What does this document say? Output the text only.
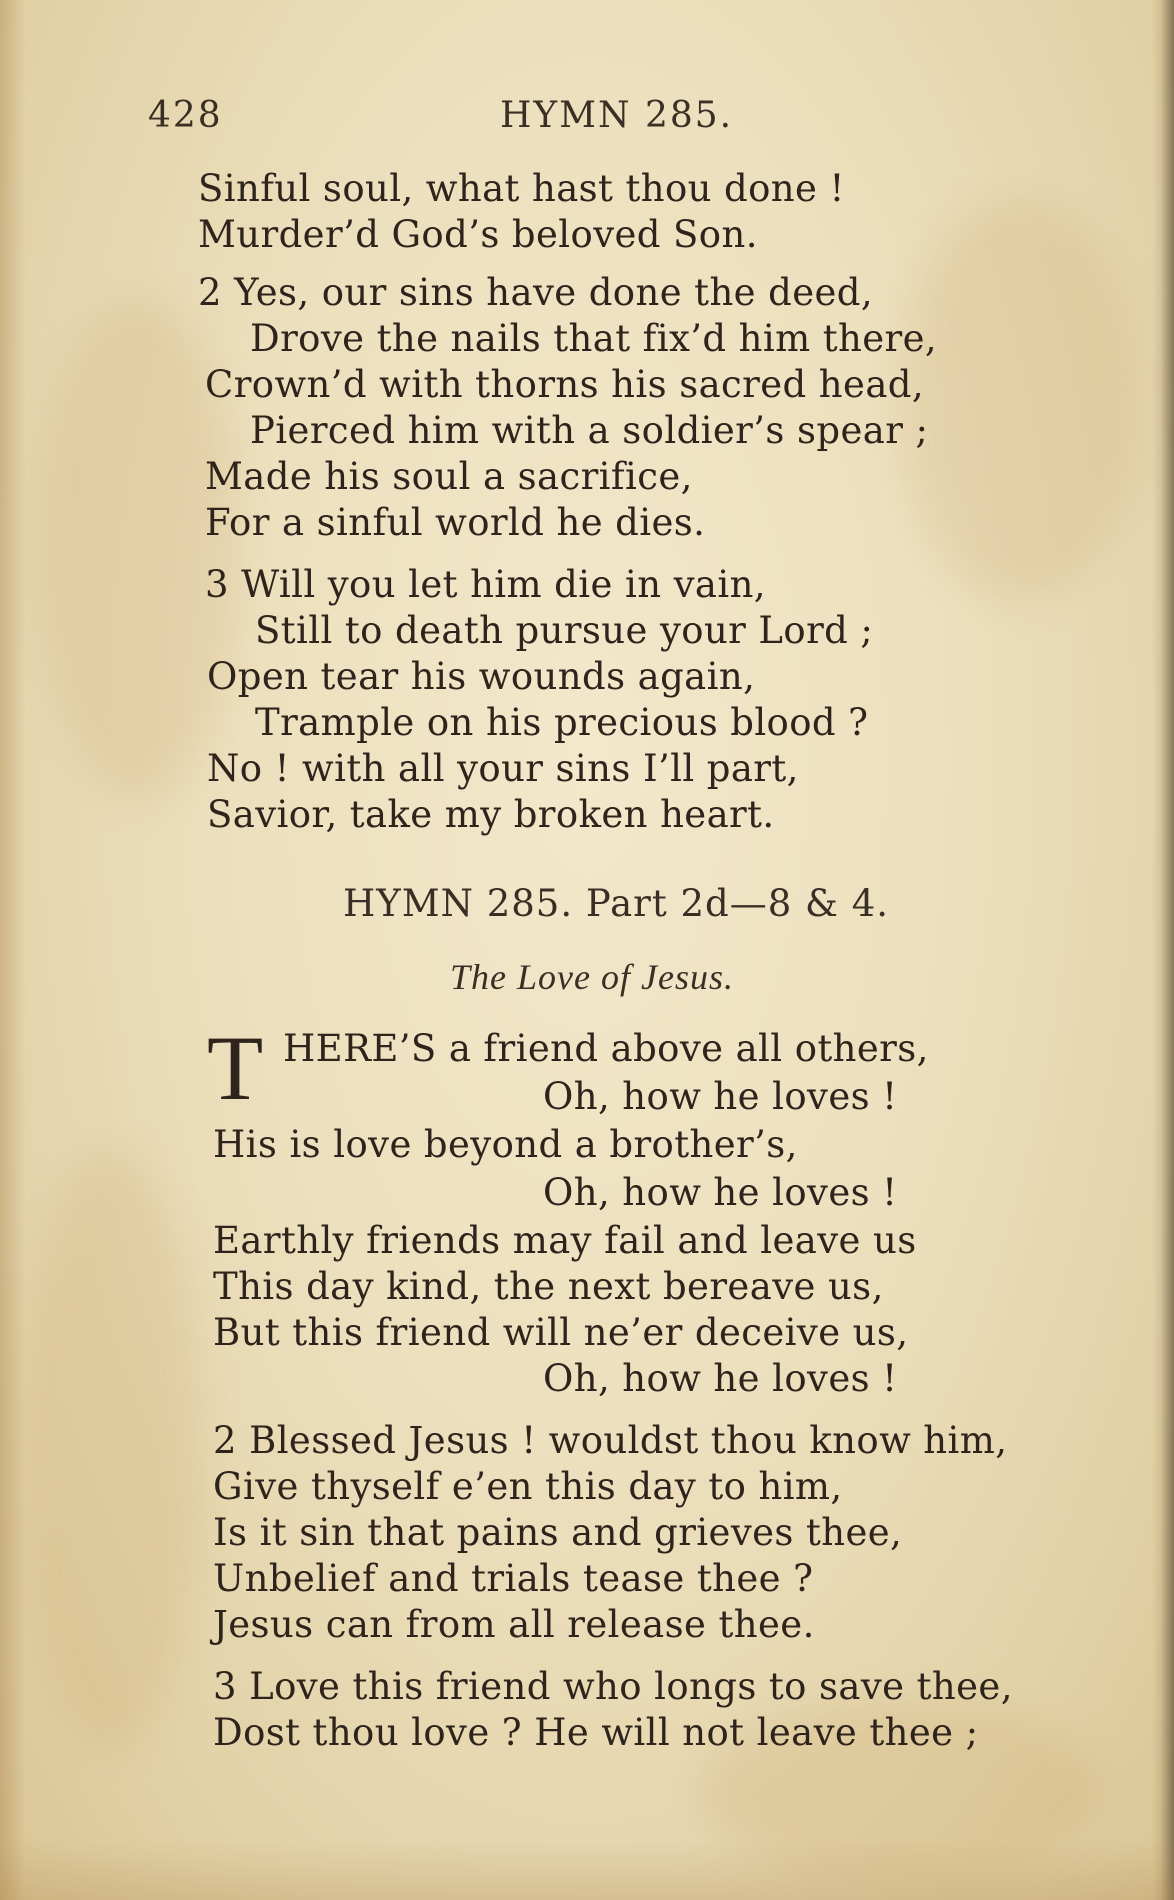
428	HYMN 285.
Sinful soul, what hast thou done !
Murder’d God’s beloved Son.
2 Yes, our sins have done the deed,
Drove the nails that fix’d him there,
Crown’d with thorns his sacred head,
Pierced him with a soldier’s spear ;
Made his soul a sacrifice,
For a sinful world he dies.
3 Will you let him die in vain,
Still to death pursue your Lord ;
Open tear his wounds again,
Trample on his precious blood ?
No ! with all your sins I’ll part,
Savior, take my broken heart.
HYMN 285. Part 2d—8 & 4.
The Love of Jesus.
T HERE’S a friend above all others,
Oh, how he loves !
His is love beyond a brother’s,
Oh, how he loves !
Earthly friends may fail and leave us
This day kind, the next bereave us,
But this friend will ne’er deceive us,
Oh, how he loves !
2 Blessed Jesus ! wouldst thou know him,
Give thyself e’en this day to him,
Is it sin that pains and grieves thee,
Unbelief and trials tease thee ?
Jesus can from all release thee.
3 Love this friend who longs to save thee,
Dost thou love ? He will not leave thee ;
